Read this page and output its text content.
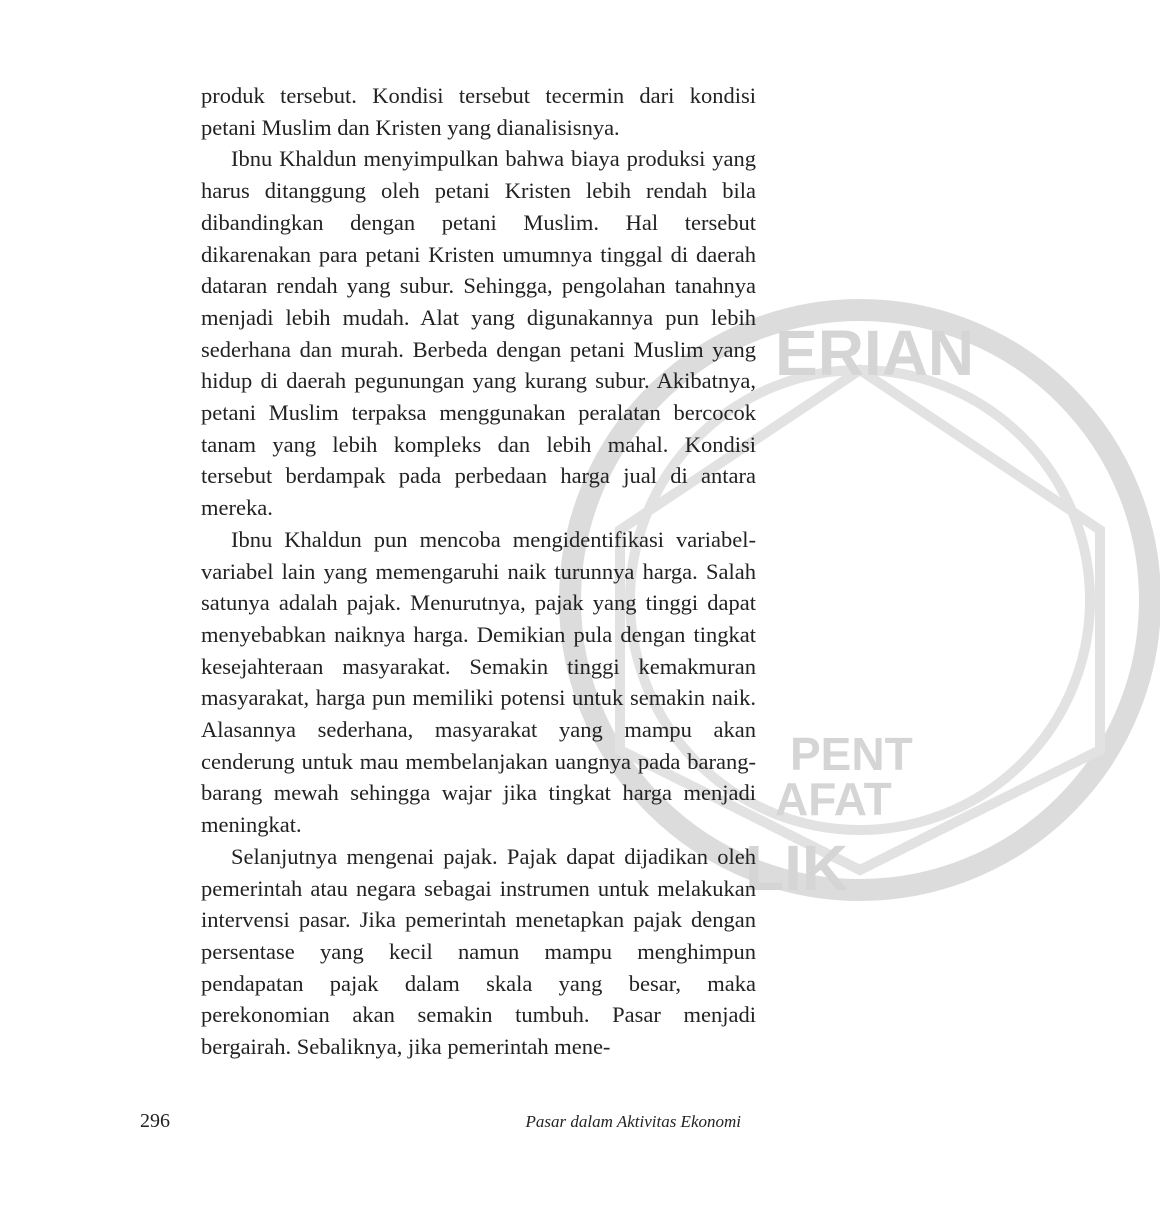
ERIAN
PENT
AFAT
LIK

produk tersebut. Kondisi tersebut tecermin dari kondisi petani Muslim dan Kristen yang dianalisisnya.

Ibnu Khaldun menyimpulkan bahwa biaya produksi yang harus ditanggung oleh petani Kristen lebih rendah bila dibandingkan dengan petani Muslim. Hal tersebut dikarenakan para petani Kristen umumnya tinggal di daerah dataran rendah yang subur. Sehingga, pengolahan tanahnya menjadi lebih mudah. Alat yang digunakannya pun lebih sederhana dan murah. Berbeda dengan petani Muslim yang hidup di daerah pegunungan yang kurang subur. Akibatnya, petani Muslim terpaksa menggunakan peralatan bercocok tanam yang lebih kompleks dan lebih mahal. Kondisi tersebut berdampak pada perbedaan harga jual di antara mereka.

Ibnu Khaldun pun mencoba mengidentifikasi variabel-variabel lain yang memengaruhi naik turunnya harga. Salah satunya adalah pajak. Menurutnya, pajak yang tinggi dapat menyebabkan naiknya harga. Demikian pula dengan tingkat kesejahteraan masyarakat. Semakin tinggi kemakmuran masyarakat, harga pun memiliki potensi untuk semakin naik. Alasannya sederhana, masyarakat yang mampu akan cenderung untuk mau membelanjakan uangnya pada barang-barang mewah sehingga wajar jika tingkat harga menjadi meningkat.

Selanjutnya mengenai pajak. Pajak dapat dijadikan oleh pemerintah atau negara sebagai instrumen untuk melakukan intervensi pasar. Jika pemerintah menetapkan pajak dengan persentase yang kecil namun mampu menghimpun pendapatan pajak dalam skala yang besar, maka perekonomian akan semakin tumbuh. Pasar menjadi bergairah. Sebaliknya, jika pemerintah mene-

296	Pasar dalam Aktivitas Ekonomi
